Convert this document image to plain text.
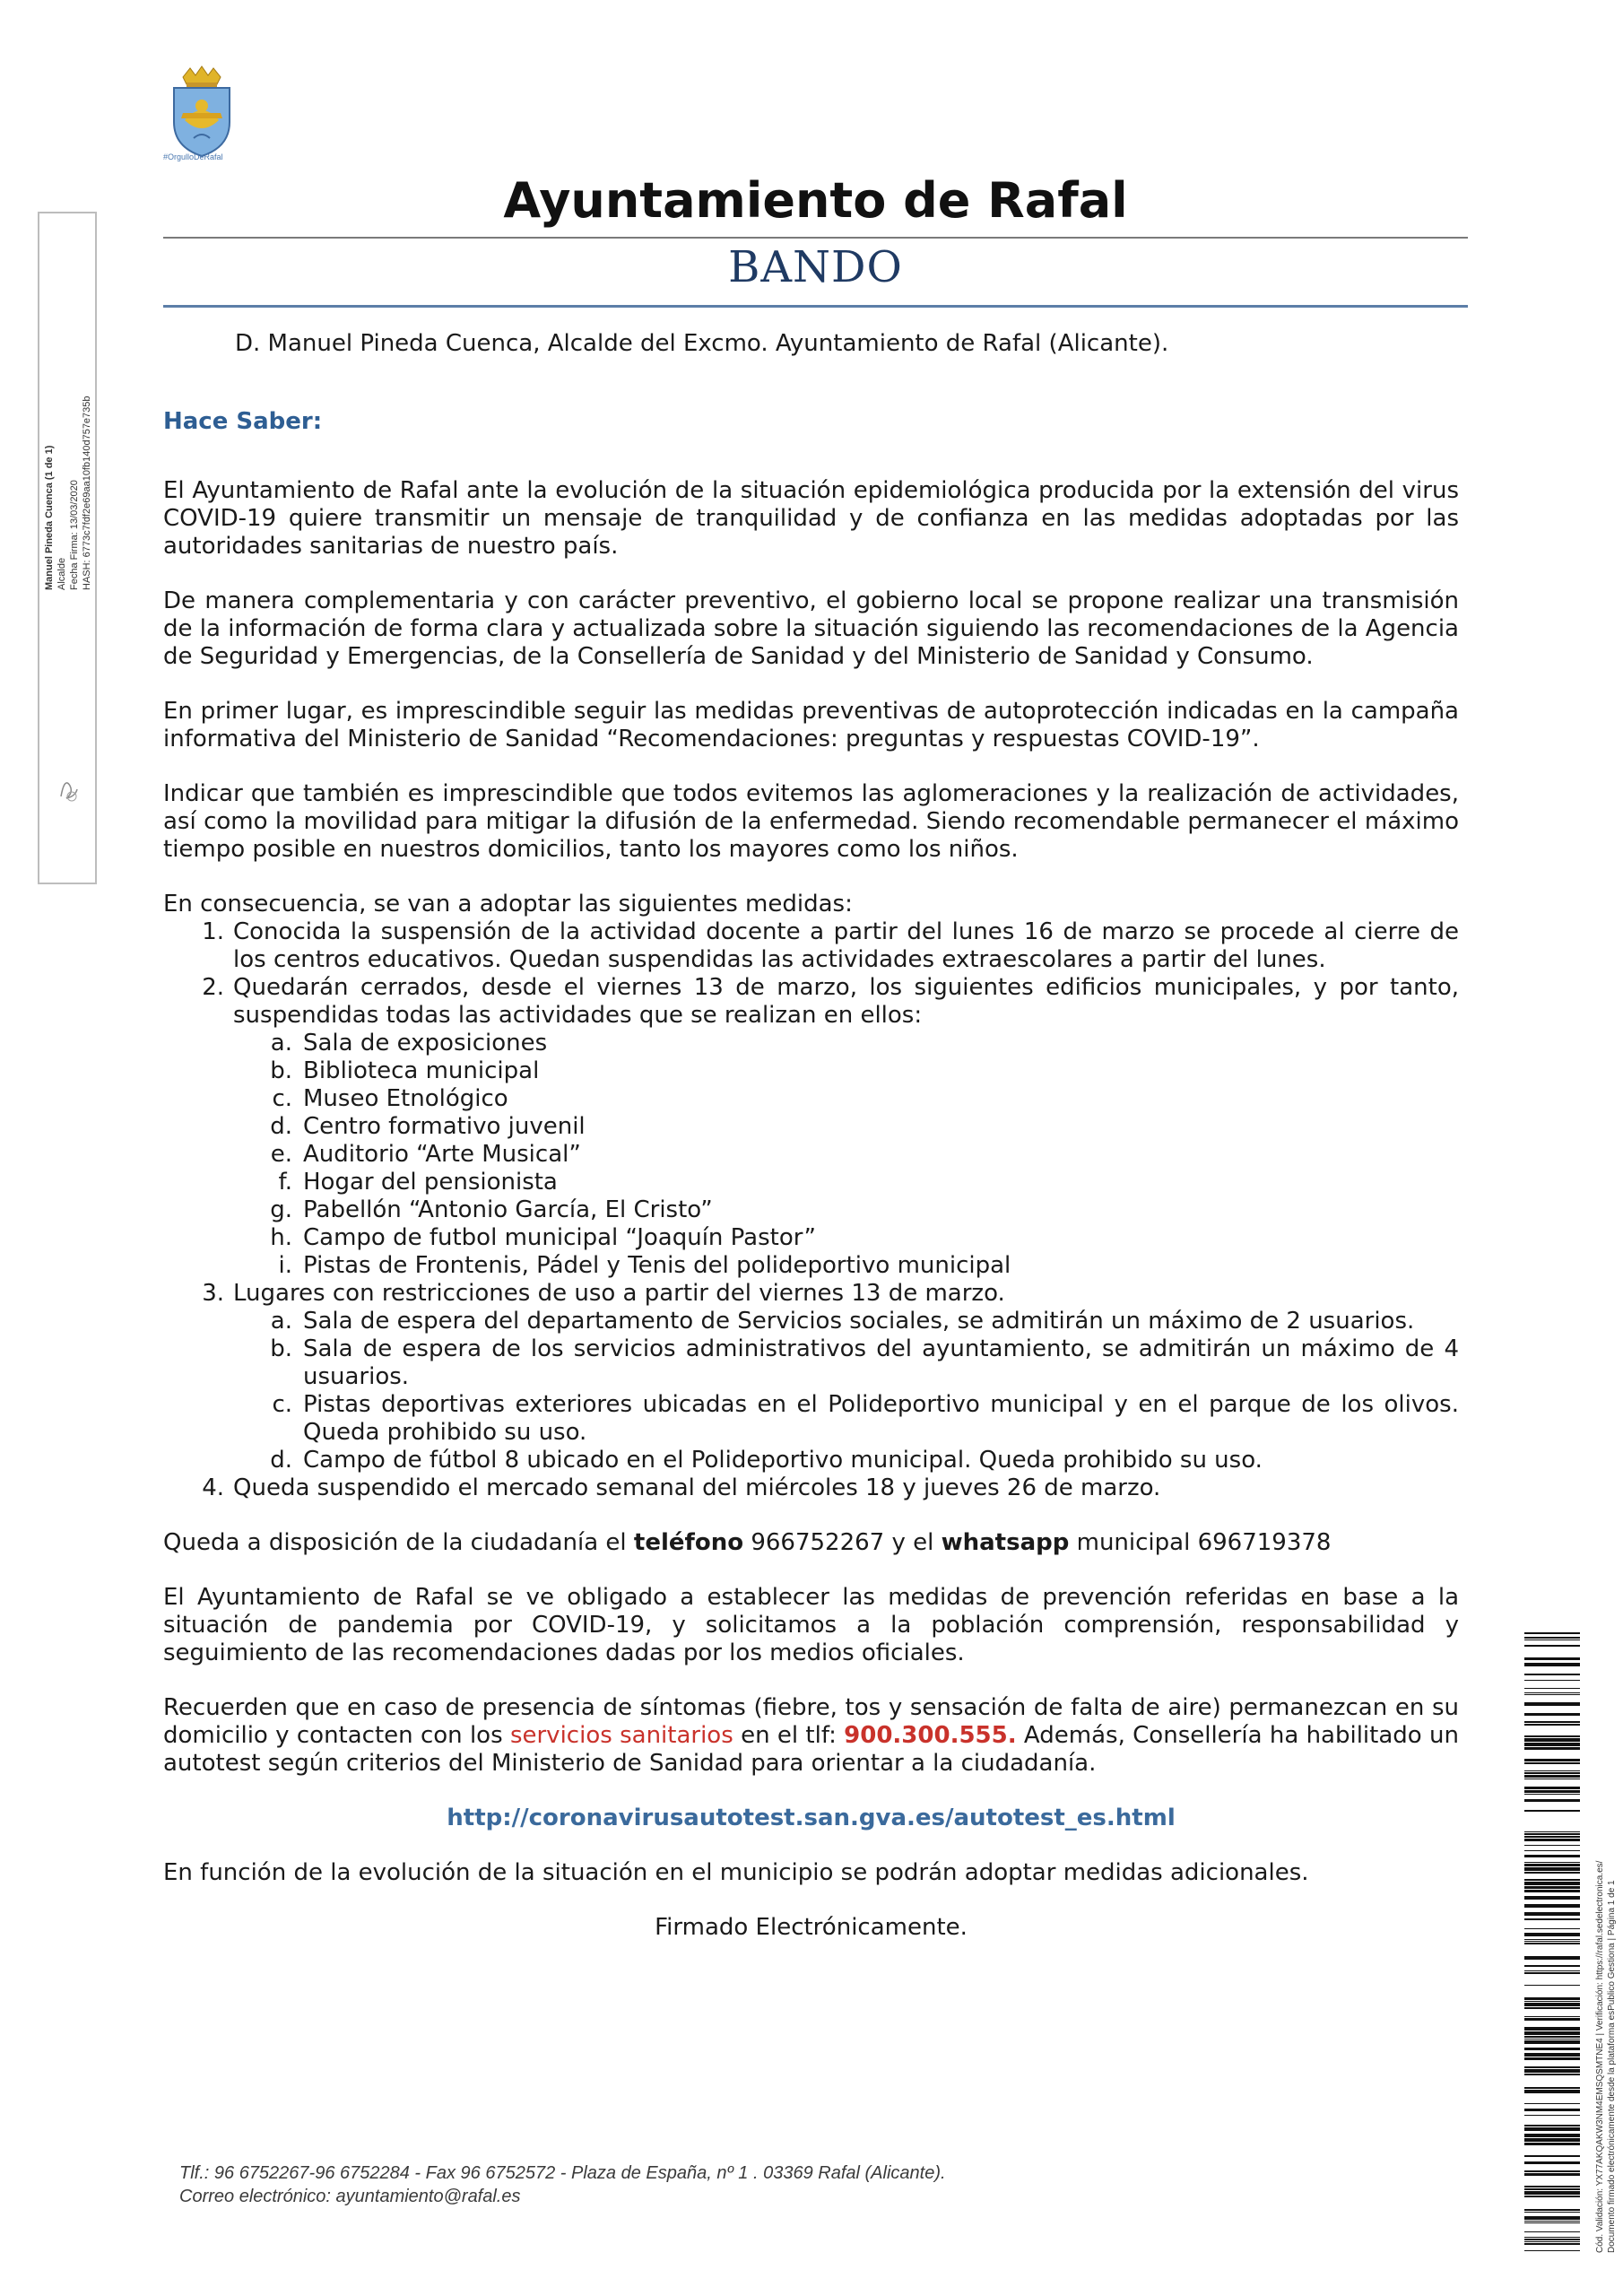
#OrgulloDeRafal
Ayuntamiento de Rafal
BANDO
Manuel Pineda Cuenca (1 de 1) Alcalde Fecha Firma: 13/03/2020 HASH: 6773c7fdf2e69aa10fb140d757e735b

D. Manuel Pineda Cuenca, Alcalde del Excmo. Ayuntamiento de Rafal (Alicante).

Hace Saber:

El Ayuntamiento de Rafal ante la evolución de la situación epidemiológica producida por la extensión del virus COVID-19 quiere transmitir un mensaje de tranquilidad y de confianza en las medidas adoptadas por las autoridades sanitarias de nuestro país.

De manera complementaria y con carácter preventivo, el gobierno local se propone realizar una transmisión de la información de forma clara y actualizada sobre la situación siguiendo las recomendaciones de la Agencia de Seguridad y Emergencias, de la Consellería de Sanidad y del Ministerio de Sanidad y Consumo.

En primer lugar, es imprescindible seguir las medidas preventivas de autoprotección indicadas en la campaña informativa del Ministerio de Sanidad “Recomendaciones: preguntas y respuestas COVID-19”.

Indicar que también es imprescindible que todos evitemos las aglomeraciones y la realización de actividades, así como la movilidad para mitigar la difusión de la enfermedad. Siendo recomendable permanecer el máximo tiempo posible en nuestros domicilios, tanto los mayores como los niños.

En consecuencia, se van a adoptar las siguientes medidas:

1. Conocida la suspensión de la actividad docente a partir del lunes 16 de marzo se procede al cierre de los centros educativos. Quedan suspendidas las actividades extraescolares a partir del lunes.
2. Quedarán cerrados, desde el viernes 13 de marzo, los siguientes edificios municipales, y por tanto, suspendidas todas las actividades que se realizan en ellos:
a. Sala de exposiciones
b. Biblioteca municipal
c. Museo Etnológico
d. Centro formativo juvenil
e. Auditorio “Arte Musical”
f. Hogar del pensionista
g. Pabellón “Antonio García, El Cristo”
h. Campo de futbol municipal “Joaquín Pastor”
i. Pistas de Frontenis, Pádel y Tenis del polideportivo municipal
3. Lugares con restricciones de uso a partir del viernes 13 de marzo.
a. Sala de espera del departamento de Servicios sociales, se admitirán un máximo de 2 usuarios.
b. Sala de espera de los servicios administrativos del ayuntamiento, se admitirán un máximo de 4 usuarios.
c. Pistas deportivas exteriores ubicadas en el Polideportivo municipal y en el parque de los olivos. Queda prohibido su uso.
d. Campo de fútbol 8 ubicado en el Polideportivo municipal. Queda prohibido su uso.
4. Queda suspendido el mercado semanal del miércoles 18 y jueves 26 de marzo.

Queda a disposición de la ciudadanía el teléfono 966752267 y el whatsapp municipal 696719378

El Ayuntamiento de Rafal se ve obligado a establecer las medidas de prevención referidas en base a la situación de pandemia por COVID-19, y solicitamos a la población comprensión, responsabilidad y seguimiento de las recomendaciones dadas por los medios oficiales.

Recuerden que en caso de presencia de síntomas (fiebre, tos y sensación de falta de aire) permanezcan en su domicilio y contacten con los servicios sanitarios en el tlf: 900.300.555. Además, Consellería ha habilitado un autotest según criterios del Ministerio de Sanidad para orientar a la ciudadanía.

http://coronavirusautotest.san.gva.es/autotest_es.html

En función de la evolución de la situación en el municipio se podrán adoptar medidas adicionales.

Firmado Electrónicamente.

Tlf.: 96 6752267-96 6752284 - Fax 96 6752572 - Plaza de España, nº 1 . 03369 Rafal (Alicante).
Correo electrónico: ayuntamiento@rafal.es	Cód. Validación: YX77AKQAKW3NM4EMSQSMTNE4 | Verificación: https://rafal.sedelectronica.es/ Documento firmado electrónicamente desde la plataforma esPublico Gestiona | Página 1 de 1
